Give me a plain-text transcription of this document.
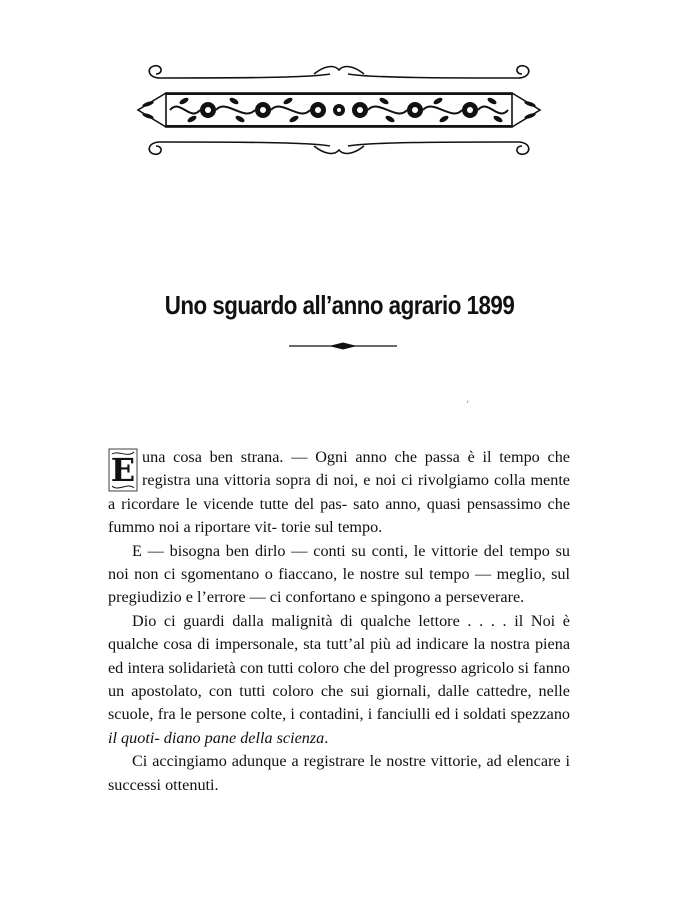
Uno sguardo all’anno agrario 1899
’

E una cosa ben strana. — Ogni anno che passa è il tempo che registra una vittoria sopra di noi, e noi ci rivolgiamo colla mente a ricordare le vicende tutte del pas- sato anno, quasi pensassimo che fummo noi a riportare vit- torie sul tempo.

E — bisogna ben dirlo — conti su conti, le vittorie del tempo su noi non ci sgomentano o fiaccano, le nostre sul tempo — meglio, sul pregiudizio e l’errore — ci confortano e spingono a perseverare.

Dio ci guardi dalla malignità di qualche lettore . . . . il Noi è qualche cosa di impersonale, sta tutt’al più ad indicare la nostra piena ed intera solidarietà con tutti coloro che del progresso agricolo si fanno un apostolato, con tutti coloro che sui giornali, dalle cattedre, nelle scuole, fra le persone colte, i contadini, i fanciulli ed i soldati spezzano il quoti- diano pane della scienza.

Ci accingiamo adunque a registrare le nostre vittorie, ad elencare i successi ottenuti.
